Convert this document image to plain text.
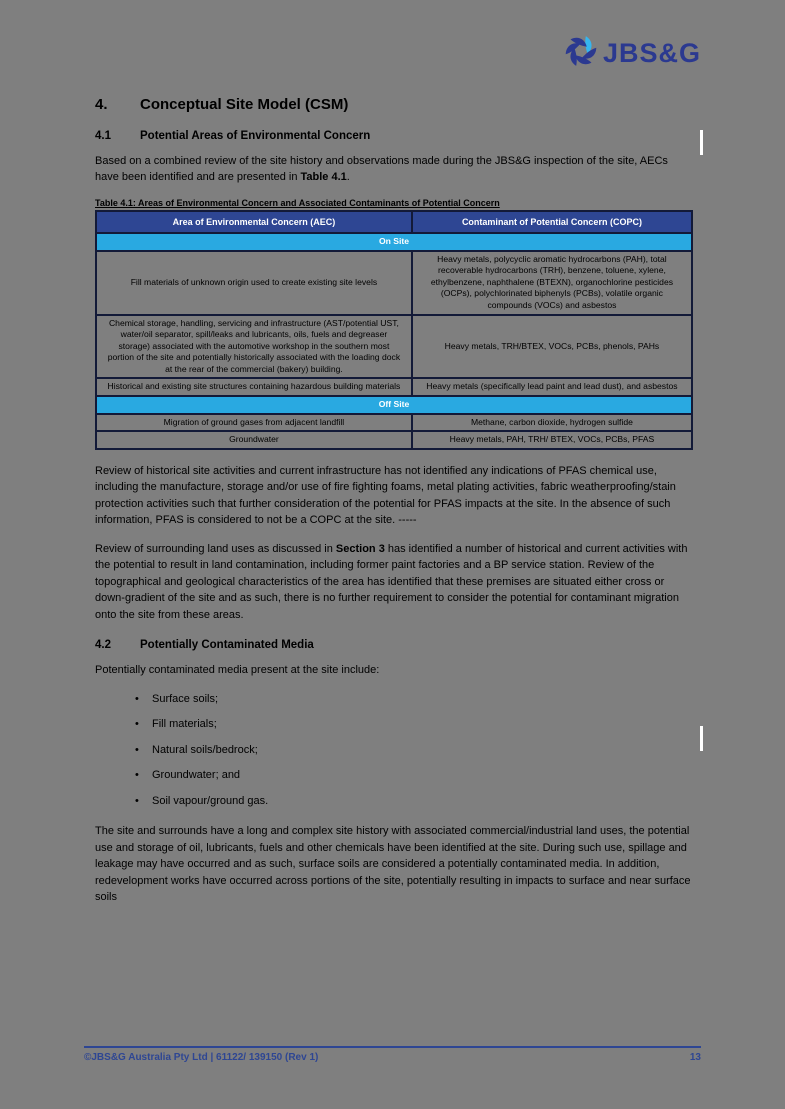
JBS&G
4.	Conceptual Site Model (CSM)
4.1	Potential Areas of Environmental Concern

Based on a combined review of the site history and observations made during the JBS&G inspection of the site, AECs have been identified and are presented in Table 4.1.

Table 4.1: Areas of Environmental Concern and Associated Contaminants of Potential Concern

Area of Environmental Concern (AEC)	Contaminant of Potential Concern (COPC)
On Site	
Fill materials of unknown origin used to create existing site levels	Heavy metals, polycyclic aromatic hydrocarbons (PAH), total recoverable hydrocarbons (TRH), benzene, toluene, xylene, ethylbenzene, naphthalene (BTEXN), organochlorine pesticides (OCPs), polychlorinated biphenyls (PCBs), volatile organic compounds (VOCs) and asbestos
Chemical storage, handling, servicing and infrastructure (AST/potential UST, water/oil separator, spill/leaks and lubricants, oils, fuels and degreaser storage) associated with the automotive workshop in the southern most portion of the site and potentially historically associated with the loading dock at the rear of the commercial (bakery) building.	Heavy metals, TRH/BTEX, VOCs, PCBs, phenols, PAHs
Historical and existing site structures containing hazardous building materials	Heavy metals (specifically lead paint and lead dust), and asbestos
Off Site	
Migration of ground gases from adjacent landfill	Methane, carbon dioxide, hydrogen sulfide
Groundwater	Heavy metals, PAH, TRH/ BTEX, VOCs, PCBs, PFAS

Review of historical site activities and current infrastructure has not identified any indications of PFAS chemical use, including the manufacture, storage and/or use of fire fighting foams, metal plating activities, fabric weatherproofing/stain protection activities such that further consideration of the potential for PFAS impacts at the site. In the absence of such information, PFAS is considered to not be a COPC at the site. -----

Review of surrounding land uses as discussed in Section 3 has identified a number of historical and current activities with the potential to result in land contamination, including former paint factories and a BP service station. Review of the topographical and geological characteristics of the area has identified that these premises are situated either cross or down-gradient of the site and as such, there is no further requirement to consider the potential for contaminant migration onto the site from these areas.

4.2	Potentially Contaminated Media

Potentially contaminated media present at the site include:

• Surface soils;
• Fill materials;
• Natural soils/bedrock;
• Groundwater; and
• Soil vapour/ground gas.

The site and surrounds have a long and complex site history with associated commercial/industrial land uses, the potential use and storage of oil, lubricants, fuels and other chemicals have been identified at the site. During such use, spillage and leakage may have occurred and as such, surface soils are considered a potentially contaminated media. In addition, redevelopment works have occurred across portions of the site, potentially resulting in impacts to surface and near surface soils

©JBS&G Australia Pty Ltd | 61122/ 139150 (Rev 1)	13
